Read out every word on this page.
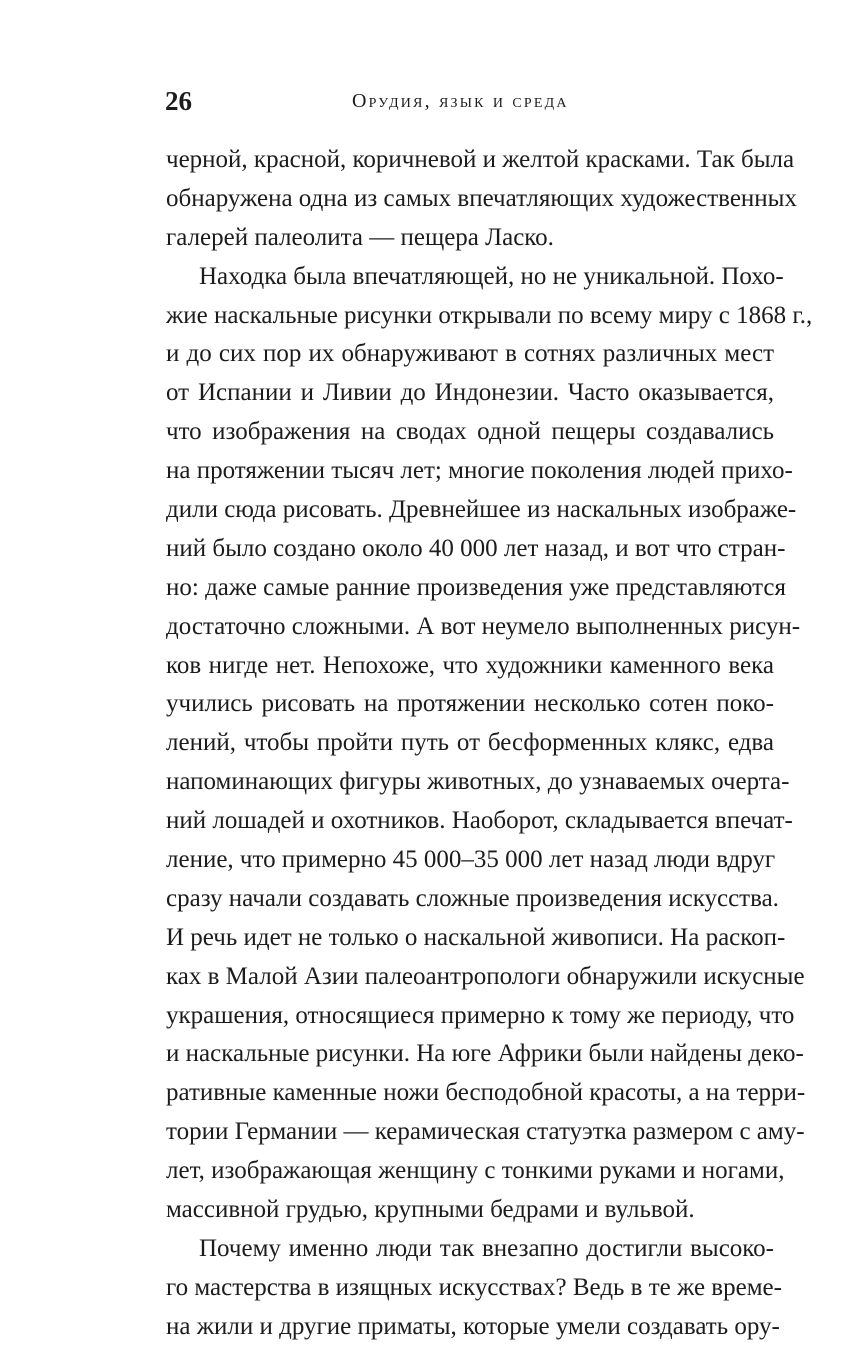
26	Орудия, язык и среда
черной, красной, коричневой и желтой красками. Так была
обнаружена одна из самых впечатляющих художественных
галерей палеолита — пещера Ласко.
Находка была впечатляющей, но не уникальной. Похо-
жие наскальные рисунки открывали по всему миру с 1868 г.,
и до сих пор их обнаруживают в сотнях различных мест
от Испании и Ливии до Индонезии. Часто оказывается,
что изображения на сводах одной пещеры создавались
на протяжении тысяч лет; многие поколения людей прихо-
дили сюда рисовать. Древнейшее из наскальных изображе-
ний было создано около 40 000 лет назад, и вот что стран-
но: даже самые ранние произведения уже представляются
достаточно сложными. А вот неумело выполненных рисун-
ков нигде нет. Непохоже, что художники каменного века
учились рисовать на протяжении несколько сотен поко-
лений, чтобы пройти путь от бесформенных клякс, едва
напоминающих фигуры животных, до узнаваемых очерта-
ний лошадей и охотников. Наоборот, складывается впечат-
ление, что примерно 45 000–35 000 лет назад люди вдруг
сразу начали создавать сложные произведения искусства.
И речь идет не только о наскальной живописи. На раскоп-
ках в Малой Азии палеоантропологи обнаружили искусные
украшения, относящиеся примерно к тому же периоду, что
и наскальные рисунки. На юге Африки были найдены деко-
ративные каменные ножи бесподобной красоты, а на терри-
тории Германии — керамическая статуэтка размером с аму-
лет, изображающая женщину с тонкими руками и ногами,
массивной грудью, крупными бедрами и вульвой.
Почему именно люди так внезапно достигли высоко-
го мастерства в изящных искусствах? Ведь в те же време-
на жили и другие приматы, которые умели создавать ору-
